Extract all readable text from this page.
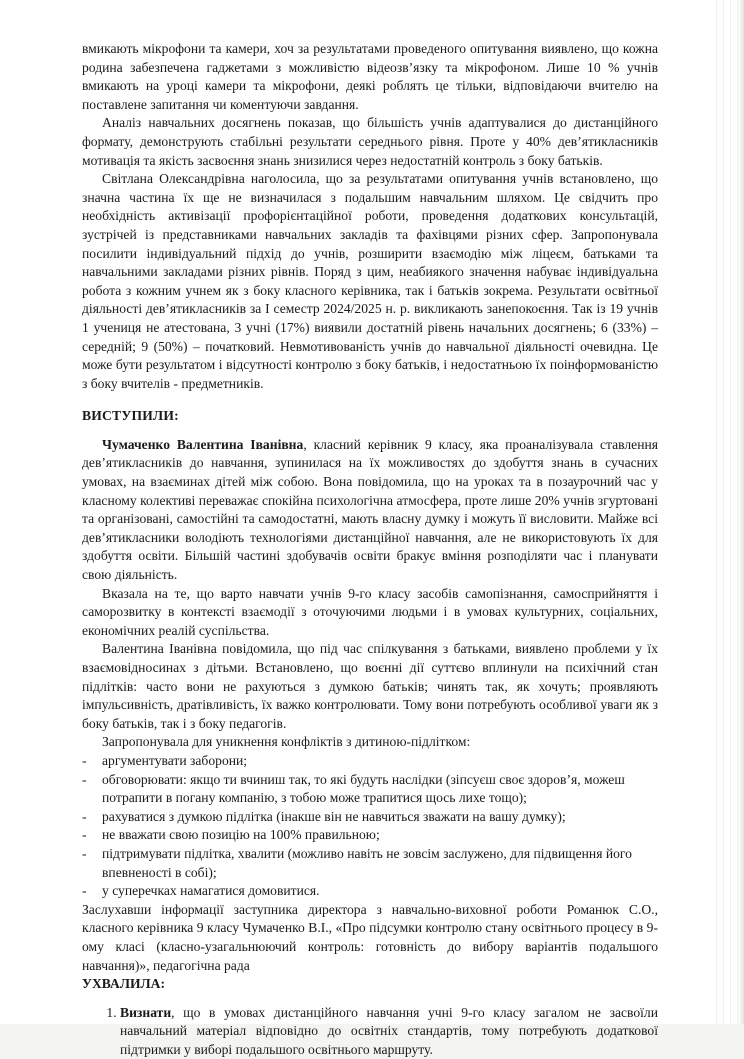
вмикають мікрофони та камери, хоч за результатами проведеного опитування виявлено, що кожна родина забезпечена гаджетами з можливістю відеозв’язку та мікрофоном. Лише 10 % учнів вмикають на уроці камери та мікрофони, деякі роблять це тільки, відповідаючи вчителю на поставлене запитання чи коментуючи завдання.

Аналіз навчальних досягнень показав, що більшість учнів адаптувалися до дистанційного формату, демонструють стабільні результати середнього рівня. Проте у 40% дев’ятикласників мотивація та якість засвоєння знань знизилися через недостатній контроль з боку батьків.

Світлана Олександрівна наголосила, що за результатами опитування учнів встановлено, що значна частина їх ще не визначилася з подальшим навчальним шляхом. Це свідчить про необхідність активізації профорієнтаційної роботи, проведення додаткових консультацій, зустрічей із представниками навчальних закладів та фахівцями різних сфер. Запропонувала посилити індивідуальний підхід до учнів, розширити взаємодію між ліцеєм, батьками та навчальними закладами різних рівнів. Поряд з цим, неабиякого значення набуває індивідуальна робота з кожним учнем як з боку класного керівника, так і батьків зокрема. Результати освітньої діяльності дев’ятикласників за І семестр 2024/2025 н. р. викликають занепокоєння. Так із 19 учнів 1 учениця не атестована, 3 учні (17%) виявили достатній рівень начальних досягнень; 6 (33%) – середній; 9 (50%) – початковий. Невмотивованість учнів до навчальної діяльності очевидна. Це може бути результатом і відсутності контролю з боку батьків, і недостатньою їх поінформованістю з боку вчителів - предметників.

ВИСТУПИЛИ:

Чумаченко Валентина Іванівна, класний керівник 9 класу, яка проаналізувала ставлення дев’ятикласників до навчання, зупинилася на їх можливостях до здобуття знань в сучасних умовах, на взаєминах дітей між собою. Вона повідомила, що на уроках та в позаурочний час у класному колективі переважає спокійна психологічна атмосфера, проте лише 20% учнів згуртовані та організовані, самостійні та самодостатні, мають власну думку і можуть її висловити. Майже всі дев’ятикласники володіють технологіями дистанційної навчання, але не використовують їх для здобуття освіти. Більшій частині здобувачів освіти бракує вміння розподіляти час і планувати свою діяльність.

Вказала на те, що варто навчати учнів 9-го класу засобів самопізнання, самосприйняття і саморозвитку в контексті взаємодії з оточуючими людьми і в умовах культурних, соціальних, економічних реалій суспільства.

Валентина Іванівна повідомила, що під час спілкування з батьками, виявлено проблеми у їх взаємовідносинах з дітьми. Встановлено, що воєнні дії суттєво вплинули на психічний стан підлітків: часто вони не рахуються з думкою батьків; чинять так, як хочуть; проявляють імпульсивність, дратівливість, їх важко контролювати. Тому вони потребують особливої уваги як з боку батьків, так і з боку педагогів.

Запропонувала для уникнення конфліктів з дитиною-підлітком:

- аргументувати заборони;
- обговорювати: якщо ти вчиниш так, то які будуть наслідки (зіпсуєш своє здоров’я, можеш потрапити в погану компанію, з тобою може трапитися щось лихе тощо);
- рахуватися з думкою підлітка (інакше він не навчиться зважати на вашу думку);
- не вважати свою позицію на 100% правильною;
- підтримувати підлітка, хвалити (можливо навіть не зовсім заслужено, для підвищення його впевненості в собі);
- у суперечках намагатися домовитися.

Заслухавши інформації заступника директора з навчально-виховної роботи Романюк С.О., класного керівника 9 класу Чумаченко В.І., «Про підсумки контролю стану освітнього процесу в 9-ому класі (класно-узагальнюючий контроль: готовність до вибору варіантів подальшого навчання)», педагогічна рада

УХВАЛИЛА:

1. Визнати, що в умовах дистанційного навчання учні 9-го класу загалом не засвоїли навчальний матеріал відповідно до освітніх стандартів, тому потребують додаткової підтримки у виборі подальшого освітнього маршруту.
